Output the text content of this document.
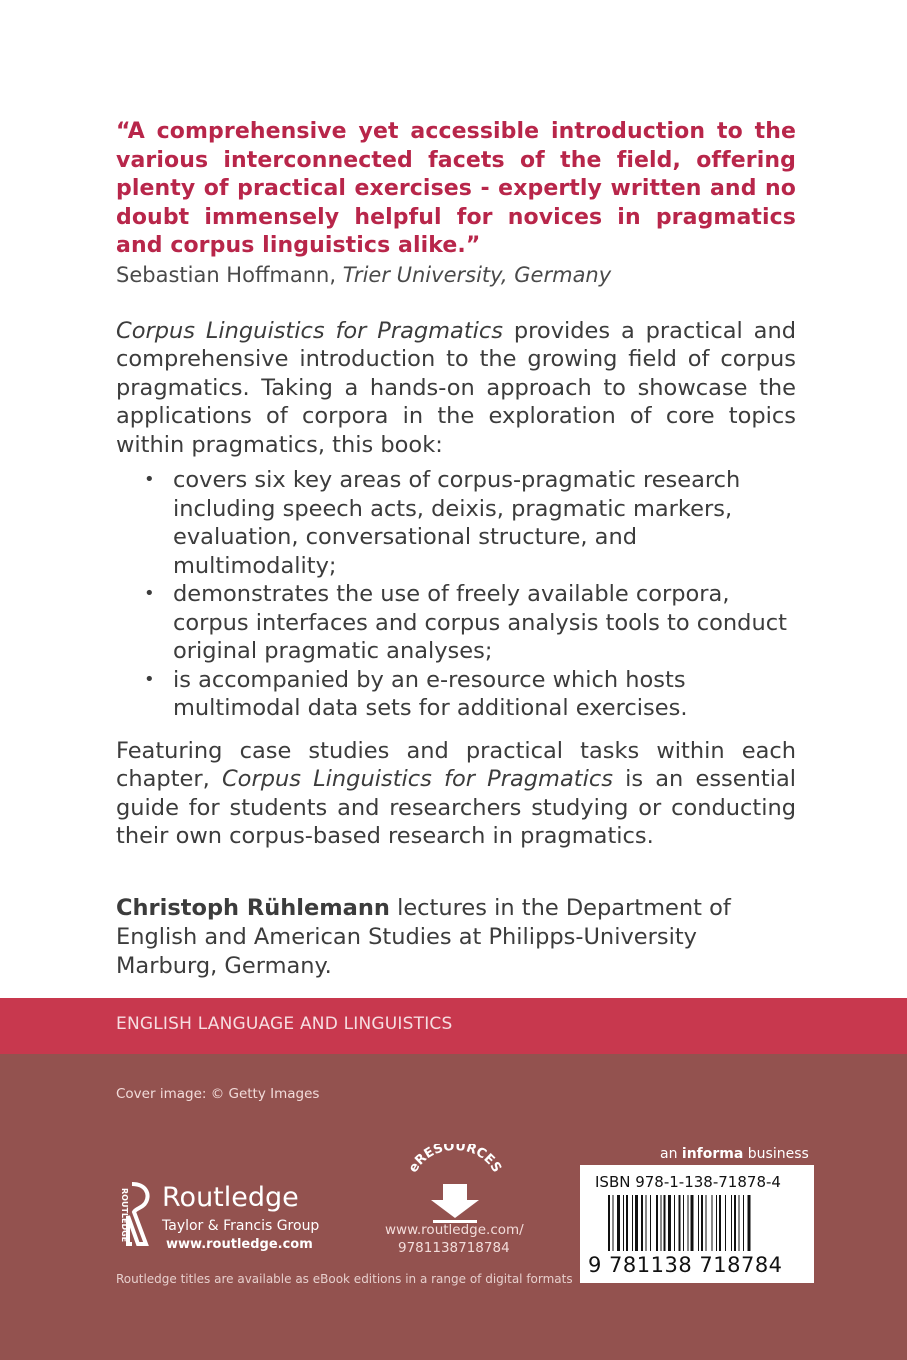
“A comprehensive yet accessible introduction to the various interconnected facets of the field, offering plenty of practical exercises - expertly written and no doubt immensely helpful for novices in pragmatics and corpus linguistics alike.”
Sebastian Hoffmann, Trier University, Germany
Corpus Linguistics for Pragmatics provides a practical and comprehensive introduction to the growing field of corpus pragmatics. Taking a hands-on approach to showcase the applications of corpora in the exploration of core topics within pragmatics, this book:
• covers six key areas of corpus-pragmatic research including speech acts, deixis, pragmatic markers, evaluation, conversational structure, and multimodality;
• demonstrates the use of freely available corpora, corpus interfaces and corpus analysis tools to conduct original pragmatic analyses;
• is accompanied by an e-resource which hosts multimodal data sets for additional exercises.
Featuring case studies and practical tasks within each chapter, Corpus Linguistics for Pragmatics is an essential guide for students and researchers studying or conducting their own corpus-based research in pragmatics.
Christoph Rühlemann lectures in the Department of English and American Studies at Philipps-University Marburg, Germany.
ENGLISH LANGUAGE AND LINGUISTICS
Cover image: © Getty Images
ROUTLEDGE Routledge
Taylor & Francis Group
www.routledge.com
eRESOURCES
www.routledge.com/
9781138718784
Routledge titles are available as eBook editions in a range of digital formats
an informa business
ISBN 978-1-138-71878-4
9 781138 718784
